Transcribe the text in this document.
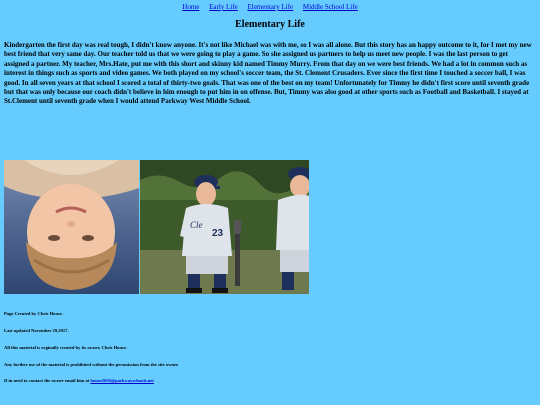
Home Early Life Elementary Life Middle School Life
Elementary Life
Kindergarten the first day was real tough, I didn't know anyone. It's not like Michael was with me, so I was all alone. But this story has an happy outcome to it, for I met my new best friend that very same day. Our teacher told us that we were going to play a game. So she assigned us partners to help us meet new people. I was the last person to get assigned a partner. My teacher, Mrs.Hate, put me with this short and skinny kid named Timmy Murry. From that day on we were best friends. We had a lot in common such as interest in things such as sports and video games. We both played on my school's soccer team, the St. Clement Crusaders. Ever since the first time I touched a soccer ball, I was good. In all seven years at that school I scored a total of thirty-two goals. That was one of the best on my team! Unfortunately for Timmy he didn't first score until seventh grade but that was only because our coach didn't believe in him enough to put him in on offense. But, Timmy was also good at other sports such as Football and Basketball. I stayed at St.Clement until seventh grade when I would attend Parkway West Middle School.
Cle
23
Page Created by Chris House.
Last updated November 29,2017.
All this material is orginally created by its owner, Chris House.
Any further use of the material is prohibited without the persmission from the site owner.
If in need to contact the owner email him at house2650@parkwayschools.net
